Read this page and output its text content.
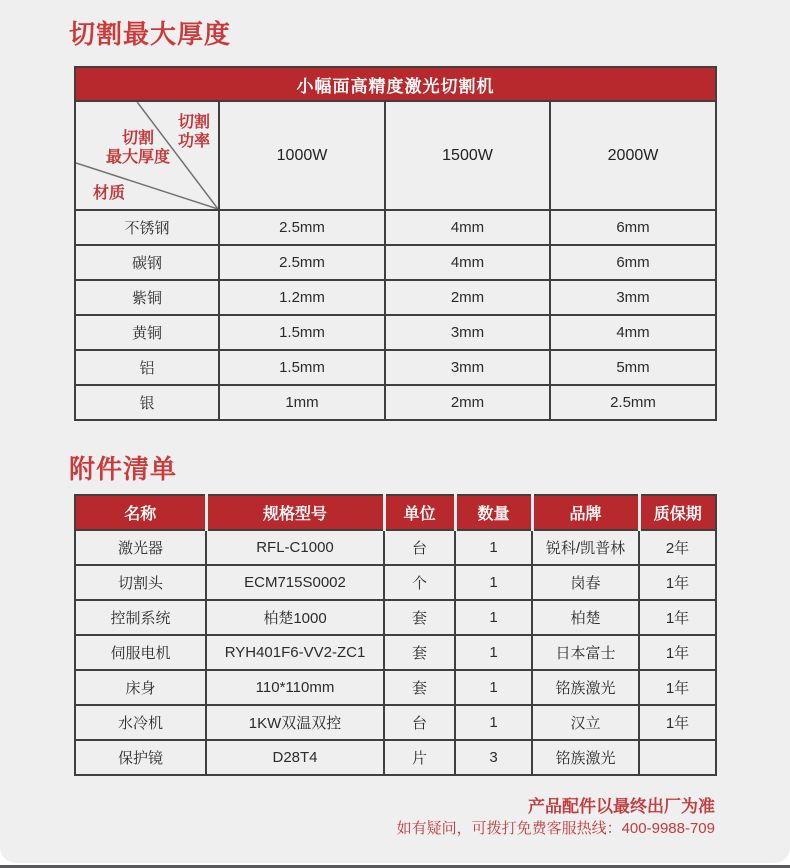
切割最大厚度
小幅面高精度激光切割机			

切割
功率
切割
最大厚度
材质	1000W	1500W	2000W
不锈钢	2.5mm	4mm	6mm
碳钢	2.5mm	4mm	6mm
紫铜	1.2mm	2mm	3mm
黄铜	1.5mm	3mm	4mm
铝	1.5mm	3mm	5mm
银	1mm	2mm	2.5mm
附件清单
名称	规格型号	单位	数量	品牌	质保期
激光器	RFL-C1000	台	1	锐科/凯普林	2年
切割头	ECM715S0002	个	1	岗春	1年
控制系统	柏楚1000	套	1	柏楚	1年
伺服电机	RYH401F6-VV2-ZC1	套	1	日本富士	1年
床身	110*110mm	套	1	铭族激光	1年
水冷机	1KW双温双控	台	1	汉立	1年
保护镜	D28T4	片	3	铭族激光	
产品配件以最终出厂为准
如有疑问，可拨打免费客服热线：400-9988-709
